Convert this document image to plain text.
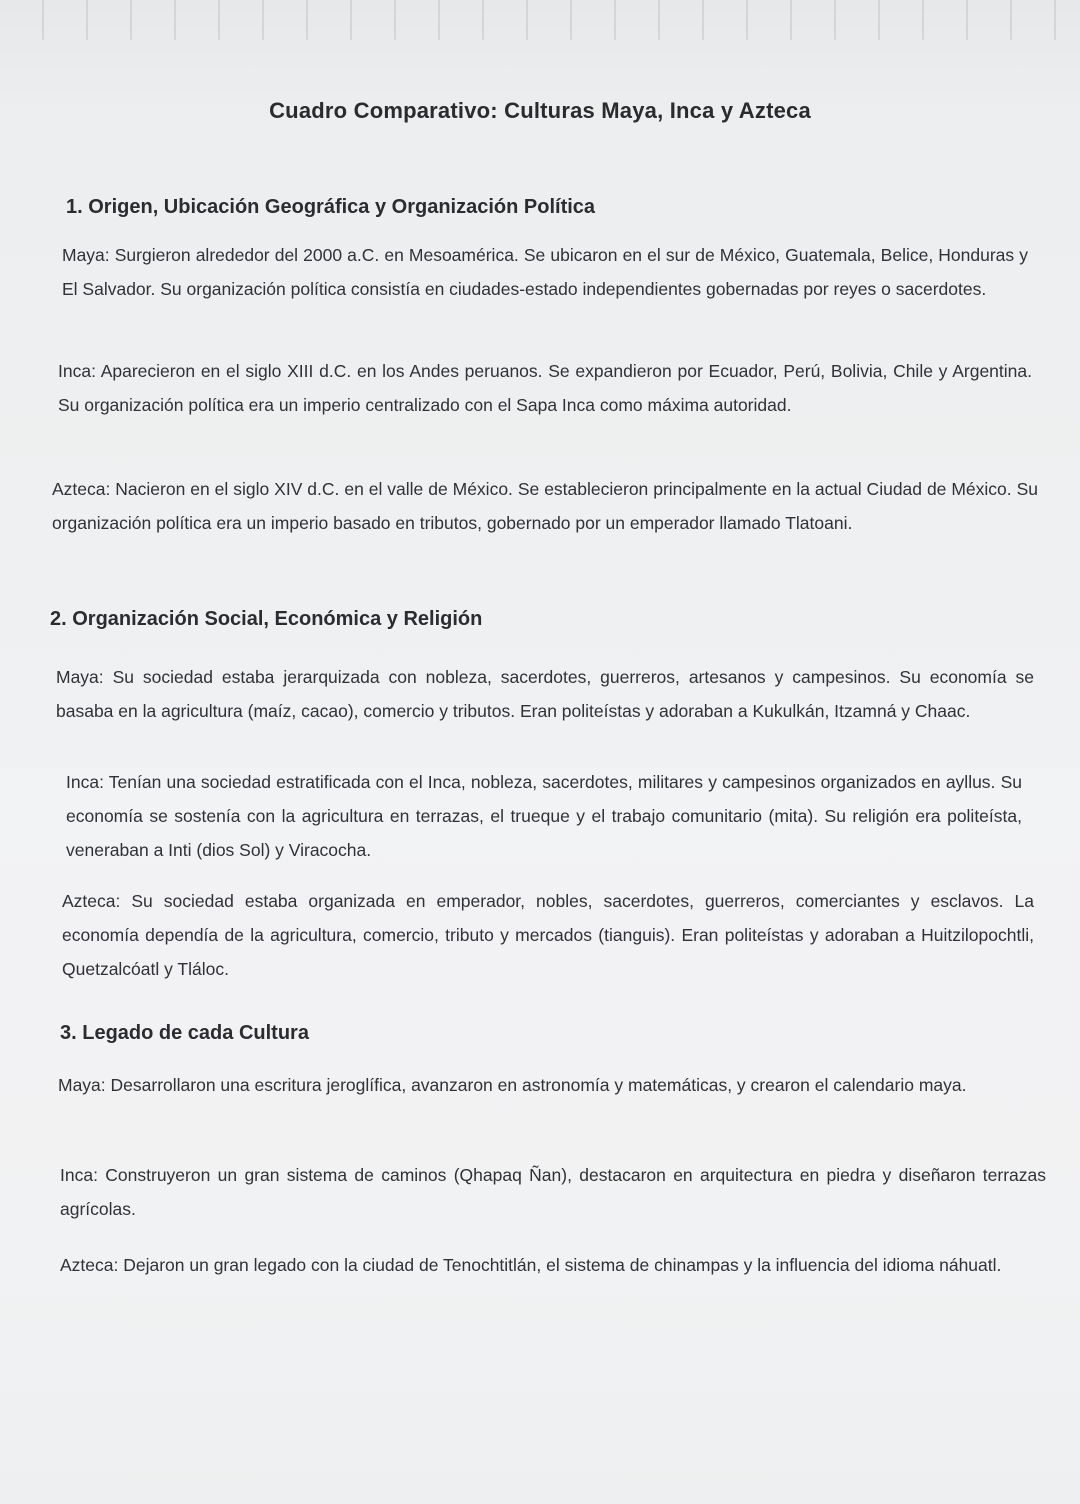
Cuadro Comparativo: Culturas Maya, Inca y Azteca
1. Origen, Ubicación Geográfica y Organización Política
Maya: Surgieron alrededor del 2000 a.C. en Mesoamérica. Se ubicaron en el sur de México, Guatemala, Belice, Honduras y El Salvador. Su organización política consistía en ciudades-estado independientes gobernadas por reyes o sacerdotes.
Inca: Aparecieron en el siglo XIII d.C. en los Andes peruanos. Se expandieron por Ecuador, Perú, Bolivia, Chile y Argentina. Su organización política era un imperio centralizado con el Sapa Inca como máxima autoridad.
Azteca: Nacieron en el siglo XIV d.C. en el valle de México. Se establecieron principalmente en la actual Ciudad de México. Su organización política era un imperio basado en tributos, gobernado por un emperador llamado Tlatoani.
2. Organización Social, Económica y Religión
Maya: Su sociedad estaba jerarquizada con nobleza, sacerdotes, guerreros, artesanos y campesinos. Su economía se basaba en la agricultura (maíz, cacao), comercio y tributos. Eran politeístas y adoraban a Kukulkán, Itzamná y Chaac.
Inca: Tenían una sociedad estratificada con el Inca, nobleza, sacerdotes, militares y campesinos organizados en ayllus. Su economía se sostenía con la agricultura en terrazas, el trueque y el trabajo comunitario (mita). Su religión era politeísta, veneraban a Inti (dios Sol) y Viracocha.
Azteca: Su sociedad estaba organizada en emperador, nobles, sacerdotes, guerreros, comerciantes y esclavos. La economía dependía de la agricultura, comercio, tributo y mercados (tianguis). Eran politeístas y adoraban a Huitzilopochtli, Quetzalcóatl y Tláloc.
3. Legado de cada Cultura
Maya: Desarrollaron una escritura jeroglífica, avanzaron en astronomía y matemáticas, y crearon el calendario maya.
Inca: Construyeron un gran sistema de caminos (Qhapaq Ñan), destacaron en arquitectura en piedra y diseñaron terrazas agrícolas.
Azteca: Dejaron un gran legado con la ciudad de Tenochtitlán, el sistema de chinampas y la influencia del idioma náhuatl.
